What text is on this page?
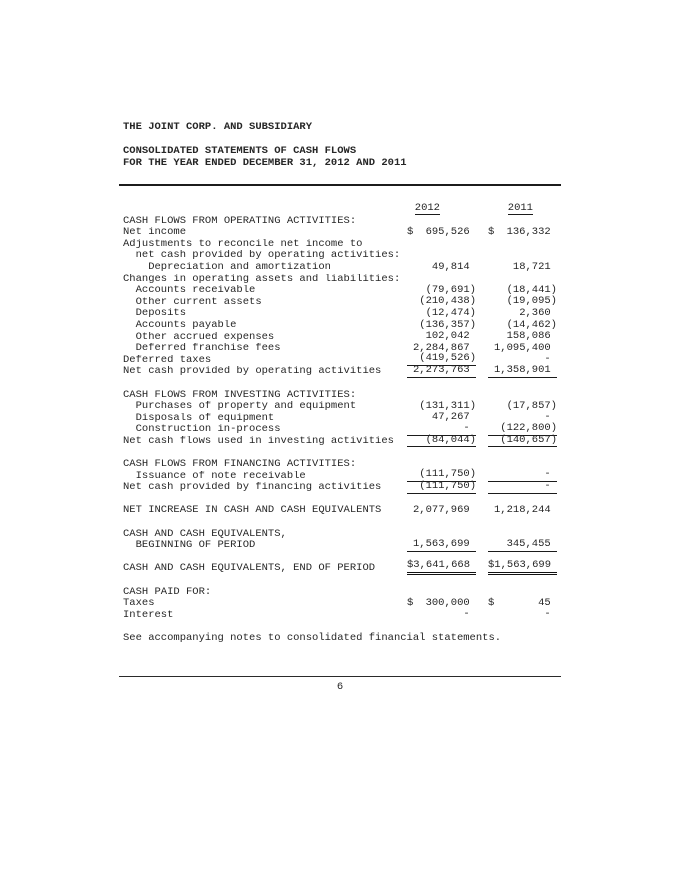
THE JOINT CORP. AND SUBSIDIARY
CONSOLIDATED STATEMENTS OF CASH FLOWS
FOR THE YEAR ENDED DECEMBER 31, 2012 AND 2011
2012	2011
CASH FLOWS FROM OPERATING ACTIVITIES:
Net income	$ 695,526 $ 136,332
Adjustments to reconcile net income to
net cash provided by operating activities:
Depreciation and amortization	49,814	18,721
Changes in operating assets and liabilities:
Accounts receivable	(79,691)	(18,441)
Other current assets	(210,438)	(19,095)
Deposits	(12,474)	2,360
Accounts payable	(136,357)	(14,462)
Other accrued expenses	102,042	158,086
Deferred franchise fees	2,284,867 1,095,400
Deferred taxes	(419,526)	-
Net cash provided by operating activities	2,273,763 1,358,901
CASH FLOWS FROM INVESTING ACTIVITIES:
Purchases of property and equipment	(131,311)	(17,857)
Disposals of equipment	47,267	-
Construction in-process	- (122,800)
Net cash flows used in investing activities	(84,044) (140,657)
CASH FLOWS FROM FINANCING ACTIVITIES:
Issuance of note receivable	(111,750)	-
Net cash provided by financing activities	(111,750)	-
NET INCREASE IN CASH AND CASH EQUIVALENTS	2,077,969 1,218,244
CASH AND CASH EQUIVALENTS,
BEGINNING OF PERIOD	1,563,699	345,455
CASH AND CASH EQUIVALENTS, END OF PERIOD	$3,641,668 $1,563,699
CASH PAID FOR:
Taxes	$ 300,000 $	45
Interest	-	-
See accompanying notes to consolidated financial statements.
6
